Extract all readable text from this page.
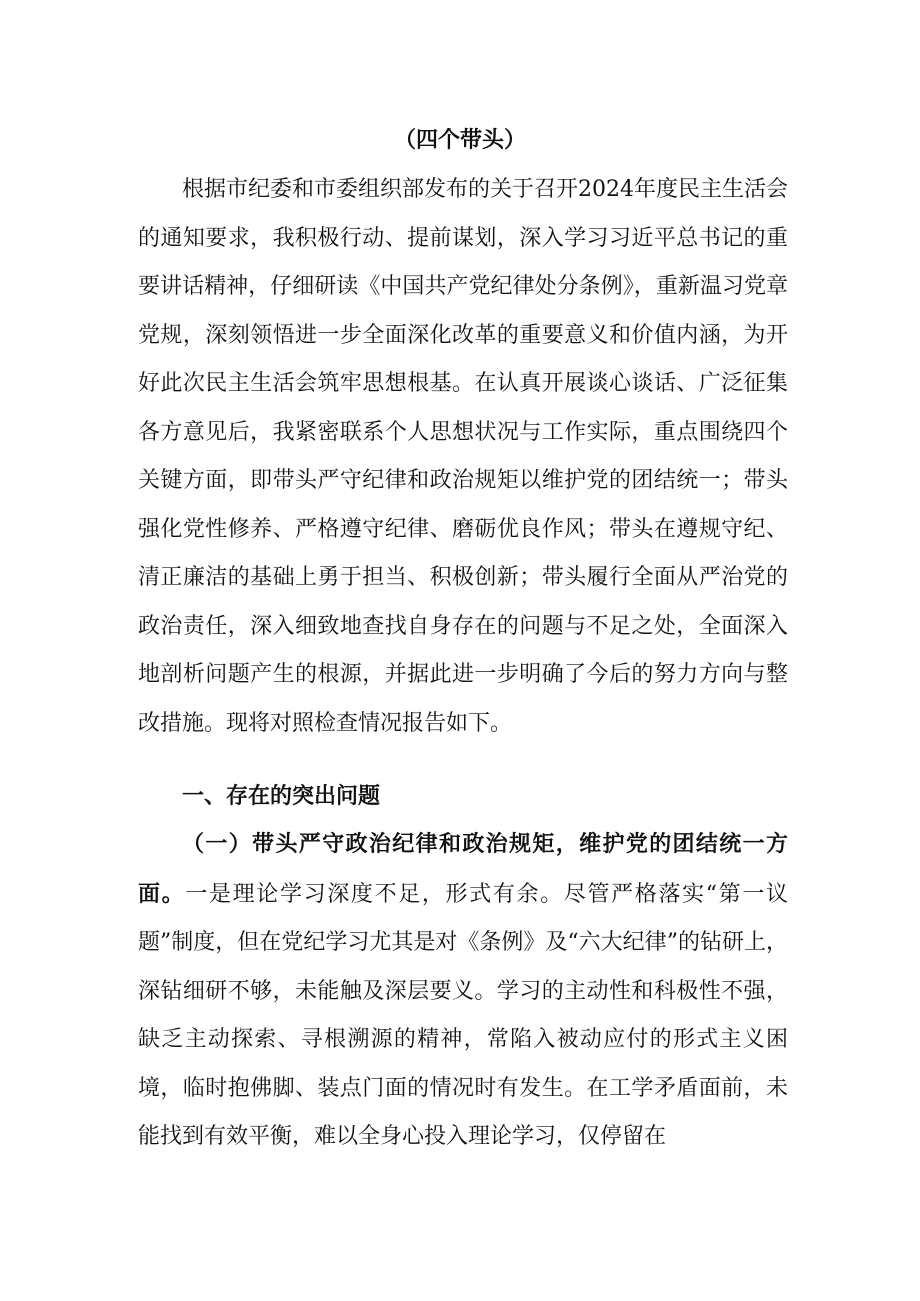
（四个带头）

根据市纪委和市委组织部发布的关于召开2024年度民主生活会的通知要求，我积极行动、提前谋划，深入学习习近平总书记的重要讲话精神，仔细研读《中国共产党纪律处分条例》，重新温习党章党规，深刻领悟进一步全面深化改革的重要意义和价值内涵，为开好此次民主生活会筑牢思想根基。在认真开展谈心谈话、广泛征集各方意见后，我紧密联系个人思想状况与工作实际，重点围绕四个关键方面，即带头严守纪律和政治规矩以维护党的团结统一；带头强化党性修养、严格遵守纪律、磨砺优良作风；带头在遵规守纪、清正廉洁的基础上勇于担当、积极创新；带头履行全面从严治党的政治责任，深入细致地查找自身存在的问题与不足之处，全面深入地剖析问题产生的根源，并据此进一步明确了今后的努力方向与整改措施。现将对照检查情况报告如下。

一、存在的突出问题

（一）带头严守政治纪律和政治规矩，维护党的团结统一方面。一是理论学习深度不足，形式有余。尽管严格落实“第一议题”制度，但在党纪学习尤其是对《条例》及“六大纪律”的钻研上，深钻细研不够，未能触及深层要义。学习的主动性和科极性不强，缺乏主动探索、寻根溯源的精神，常陷入被动应付的形式主义困境，临时抱佛脚、装点门面的情况时有发生。在工学矛盾面前，未能找到有效平衡，难以全身心投入理论学习，仅停留在
